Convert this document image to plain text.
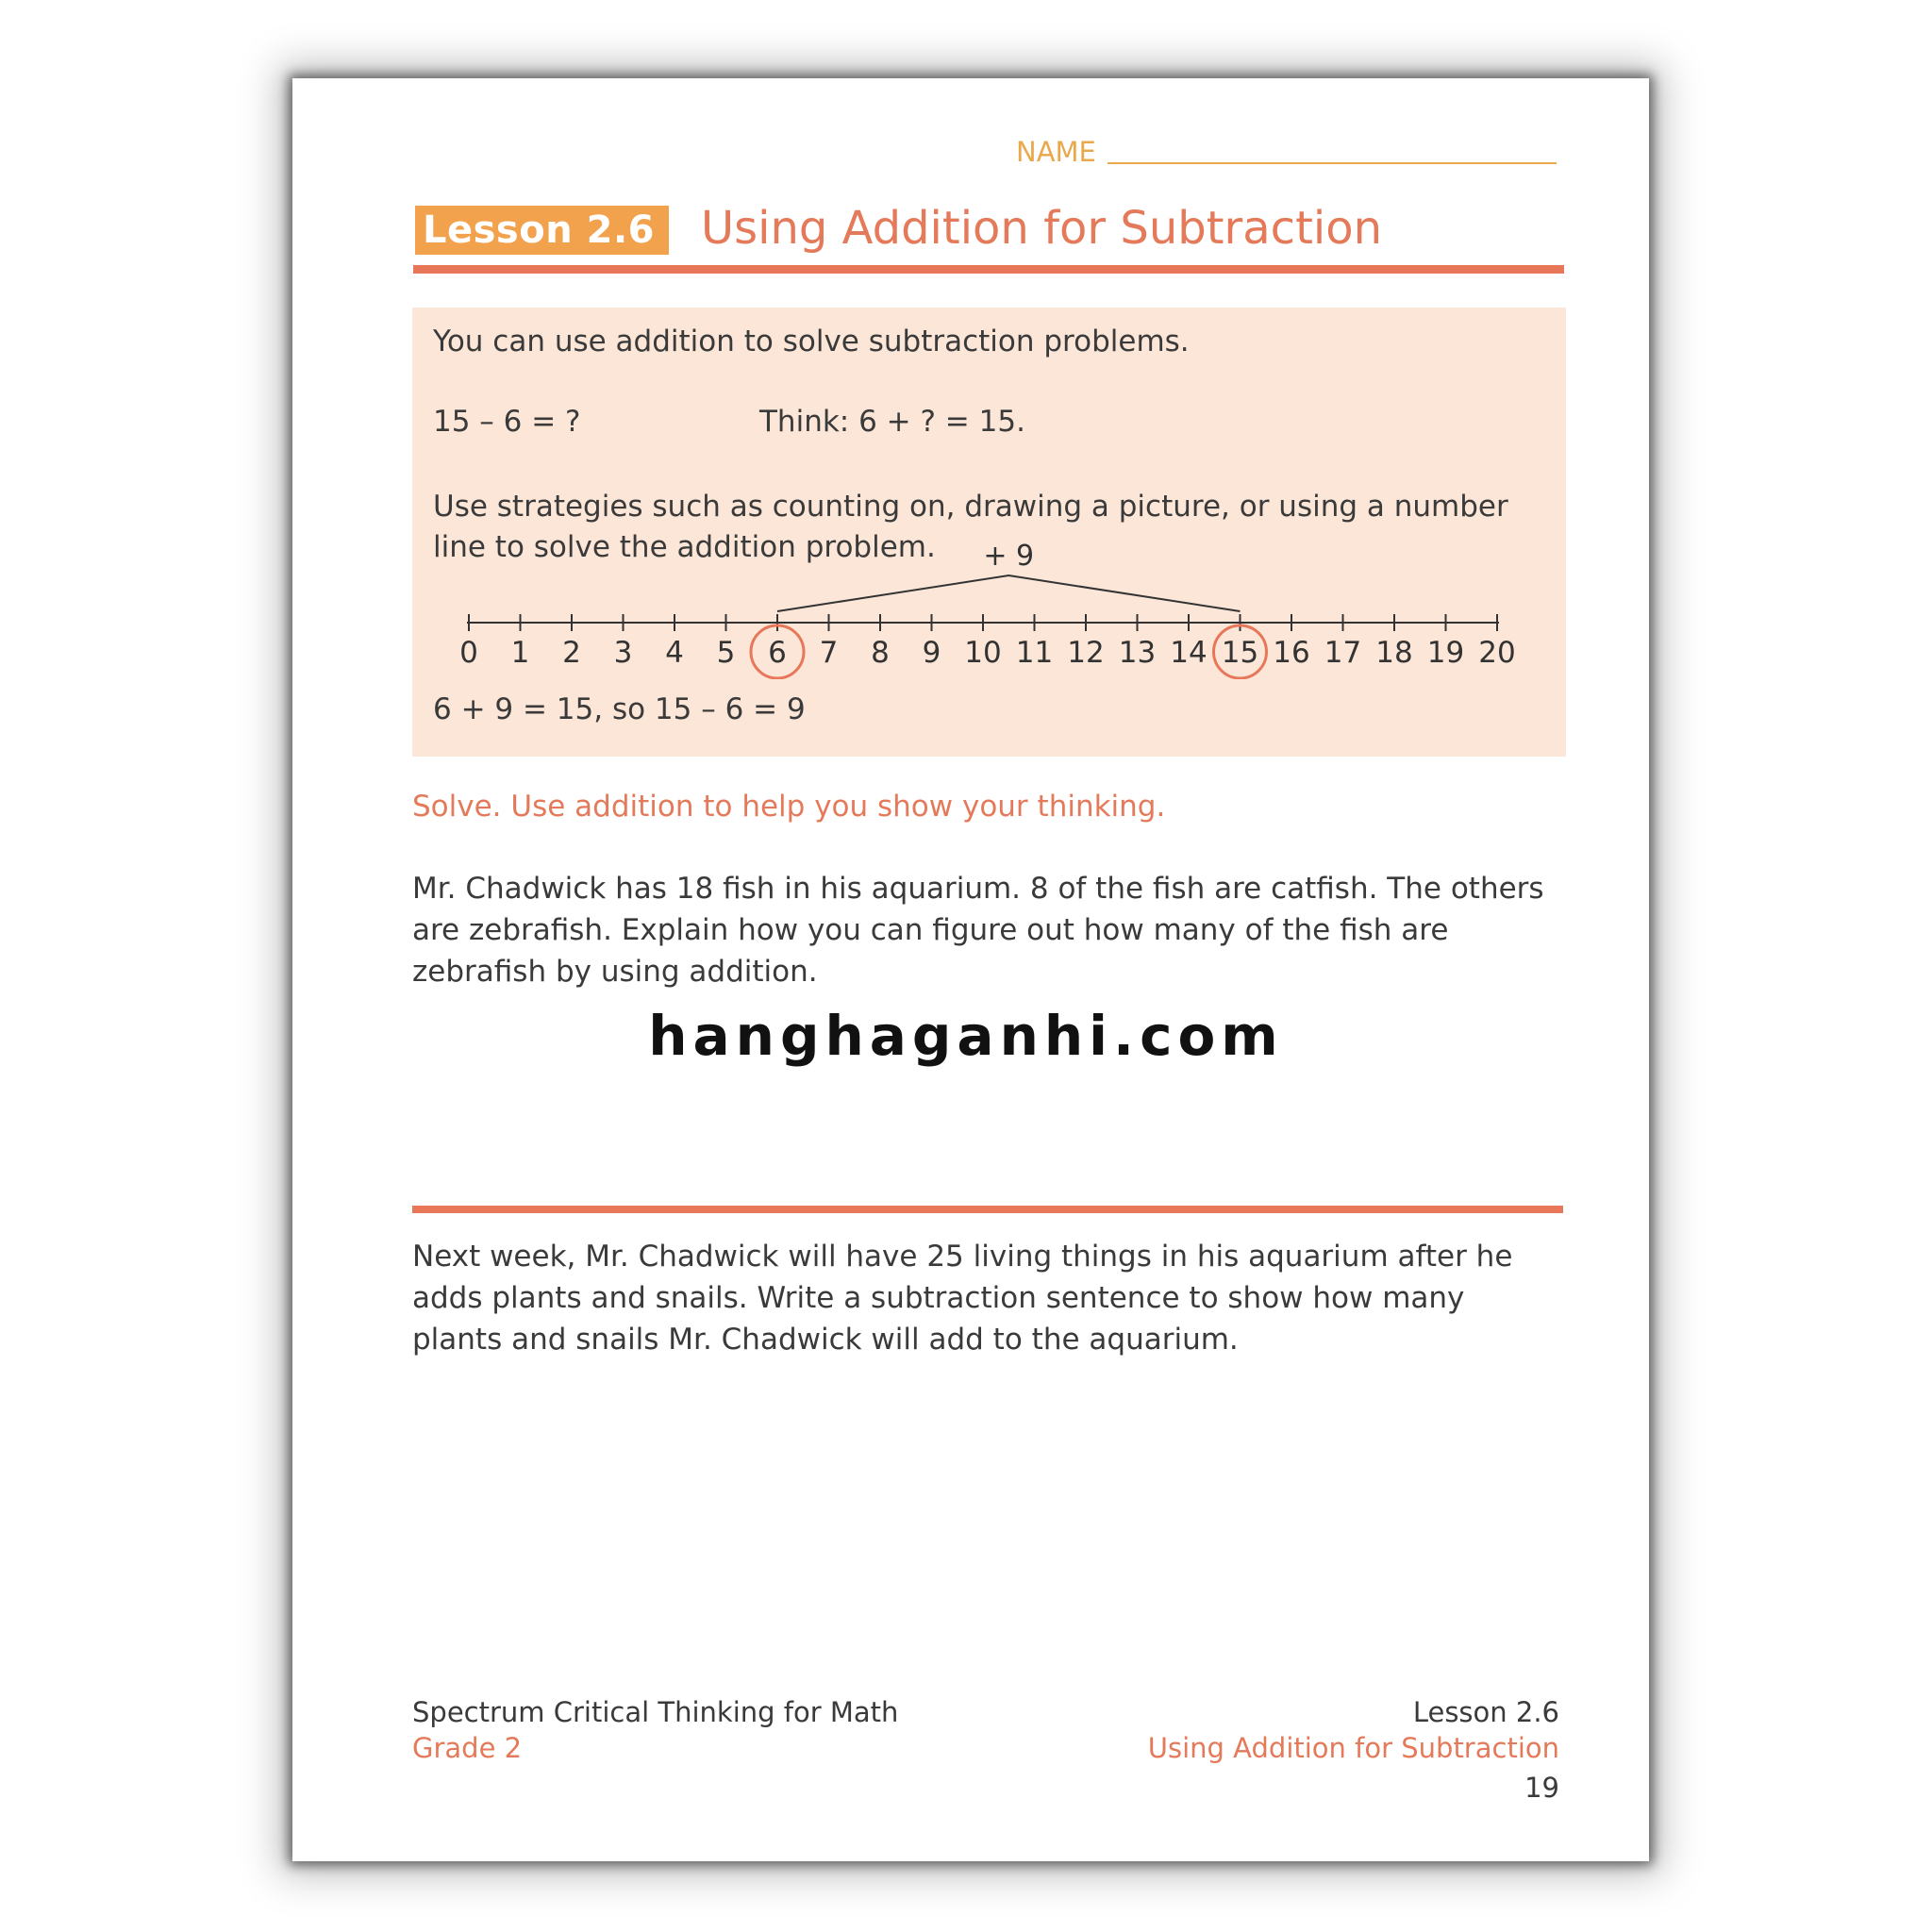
NAME
Lesson 2.6	Using Addition for Subtraction
You can use addition to solve subtraction problems.
15 – 6 = ?	Think: 6 + ? = 15.
Use strategies such as counting on, drawing a picture, or using a number line to solve the addition problem.	+ 9
0 1 2 3 4 5 6 7 8 9 10 11 12 13 14 15 16 17 18 19 20
6 + 9 = 15, so 15 – 6 = 9
Solve. Use addition to help you show your thinking.
Mr. Chadwick has 18 fish in his aquarium. 8 of the fish are catfish. The others are zebrafish. Explain how you can figure out how many of the fish are zebrafish by using addition.
hanghaganhi.com
Next week, Mr. Chadwick will have 25 living things in his aquarium after he adds plants and snails. Write a subtraction sentence to show how many plants and snails Mr. Chadwick will add to the aquarium.
Spectrum Critical Thinking for Math
Grade 2
Lesson 2.6
Using Addition for Subtraction
19
